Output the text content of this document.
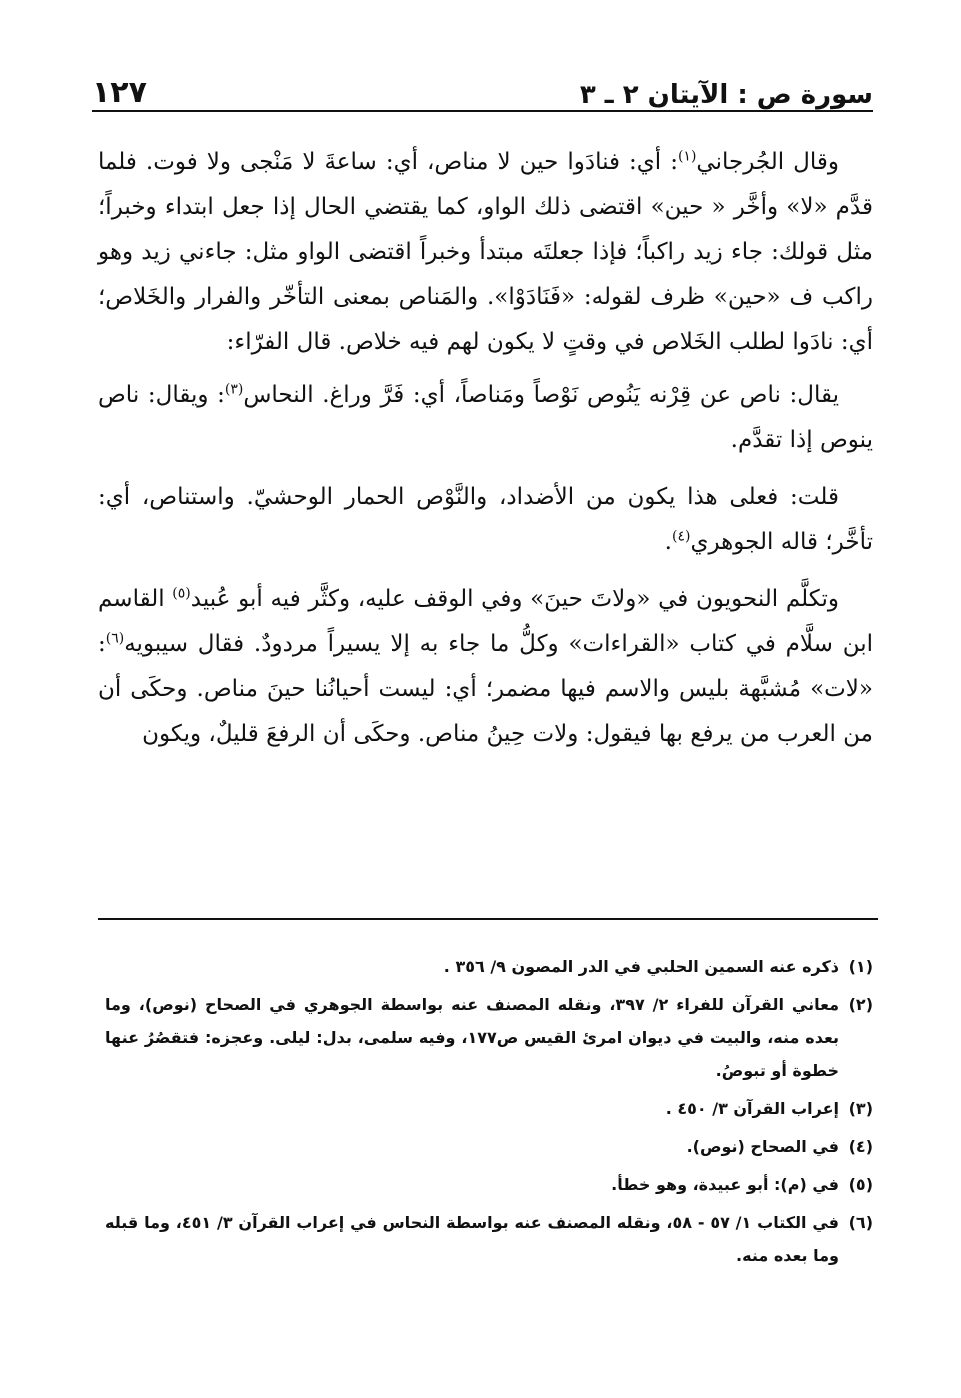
١٢٧	سورة ص : الآيتان ٢ ـ ٣

وقال الجُرجاني$^{(١)}$: أي: فنادَوا حين لا مناص، أي: ساعةَ لا مَنْجى ولا فوت. فلما قدَّم «لا» وأخَّر « حين» اقتضى ذلك الواو، كما يقتضي الحال إذا جعل ابتداء وخبراً؛ مثل قولك: جاء زيد راكباً؛ فإذا جعلتَه مبتدأ وخبراً اقتضى الواو مثل: جاءني زيد وهو راكب ف «حين» ظرف لقوله: «فَنَادَوْا». والمَناص بمعنى التأخّر والفرار والخَلاص؛ أي: نادَوا لطلب الخَلاص في وقتٍ لا يكون لهم فيه خلاص. قال الفرّاء:

يقال: ناص عن قِرْنه يَنُوص نَوْصاً ومَناصاً، أي: فَرَّ وراغ. النحاس$^{(٣)}$: ويقال: ناص ينوص إذا تقدَّم.

قلت: فعلى هذا يكون من الأضداد، والنَّوْص الحمار الوحشيّ. واستناص، أي: تأخَّر؛ قاله الجوهري$^{(٤)}$.

وتكلَّم النحويون في «ولاتَ حينَ» وفي الوقف عليه، وكثَّر فيه أبو عُبيد$^{(٥)}$ القاسم ابن سلَّام في كتاب «القراءات» وكلُّ ما جاء به إلا يسيراً مردودٌ. فقال سيبويه$^{(٦)}$: «لات» مُشبَّهة بليس والاسم فيها مضمر؛ أي: ليست أحيانُنا حينَ مناص. وحكَى أن من العرب من يرفع بها فيقول: ولات حِينُ مناص. وحكَى أن الرفعَ قليلٌ، ويكون

(١)
ذكره عنه السمين الحلبي في الدر المصون ٩/ ٣٥٦ .
(٢)
معاني القرآن للفراء ٢/ ٣٩٧، ونقله المصنف عنه بواسطة الجوهري في الصحاح (نوص)، وما بعده منه، والبيت في ديوان امرئ القيس ص١٧٧، وفيه سلمى، بدل: ليلى. وعجزه: فتقصُرُ عنها خطوة أو تبوصُ.
(٣)
إعراب القرآن ٣/ ٤٥٠ .
(٤)
في الصحاح (نوص).
(٥)
في (م): أبو عبيدة، وهو خطأ.
(٦)
في الكتاب ١/ ٥٧ - ٥٨، ونقله المصنف عنه بواسطة النحاس في إعراب القرآن ٣/ ٤٥١، وما قبله وما بعده منه.
